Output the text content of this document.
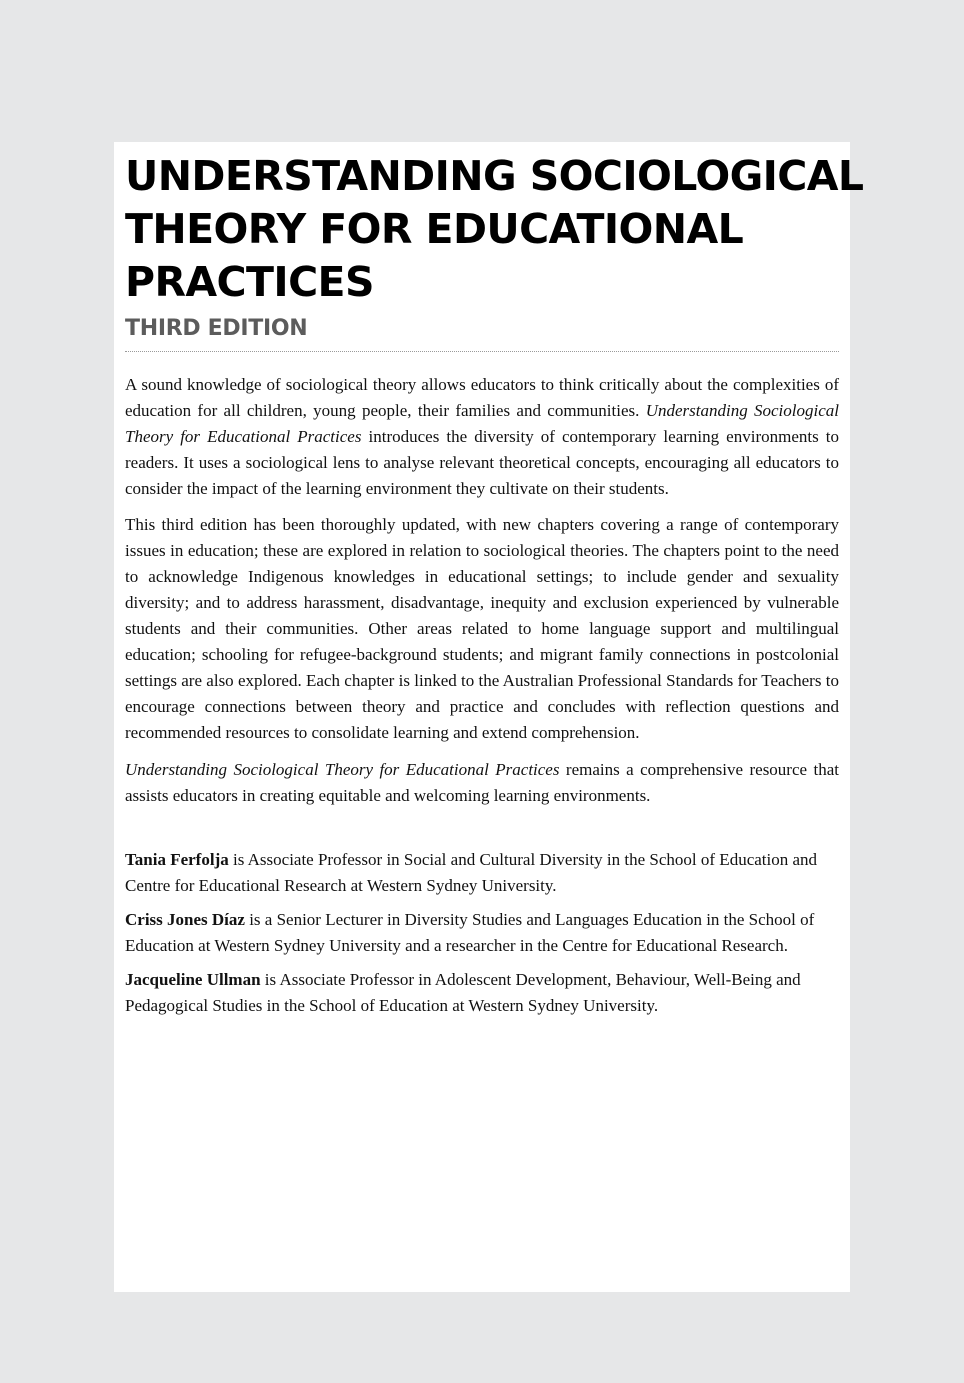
UNDERSTANDING SOCIOLOGICAL
THEORY FOR EDUCATIONAL
PRACTICES
THIRD EDITION

A sound knowledge of sociological theory allows educators to think critically about the complexities of education for all children, young people, their families and communities. Understanding Sociological Theory for Educational Practices introduces the diversity of contemporary learning environments to readers. It uses a sociological lens to analyse relevant theoretical concepts, encouraging all educators to consider the impact of the learning environment they cultivate on their students.

This third edition has been thoroughly updated, with new chapters covering a range of contemporary issues in education; these are explored in relation to sociological theories. The chapters point to the need to acknowledge Indigenous knowledges in educational settings; to include gender and sexuality diversity; and to address harassment, disadvantage, inequity and exclusion experienced by vulnerable students and their communities. Other areas related to home language support and multilingual education; schooling for refugee-background students; and migrant family connections in postcolonial settings are also explored. Each chapter is linked to the Australian Professional Standards for Teachers to encourage connections between theory and practice and concludes with reflection questions and recommended resources to consolidate learning and extend comprehension.

Understanding Sociological Theory for Educational Practices remains a comprehensive resource that assists educators in creating equitable and welcoming learning environments.

Tania Ferfolja is Associate Professor in Social and Cultural Diversity in the School of Education and Centre for Educational Research at Western Sydney University.

Criss Jones Díaz is a Senior Lecturer in Diversity Studies and Languages Education in the School of Education at Western Sydney University and a researcher in the Centre for Educational Research.

Jacqueline Ullman is Associate Professor in Adolescent Development, Behaviour, Well-Being and Pedagogical Studies in the School of Education at Western Sydney University.
